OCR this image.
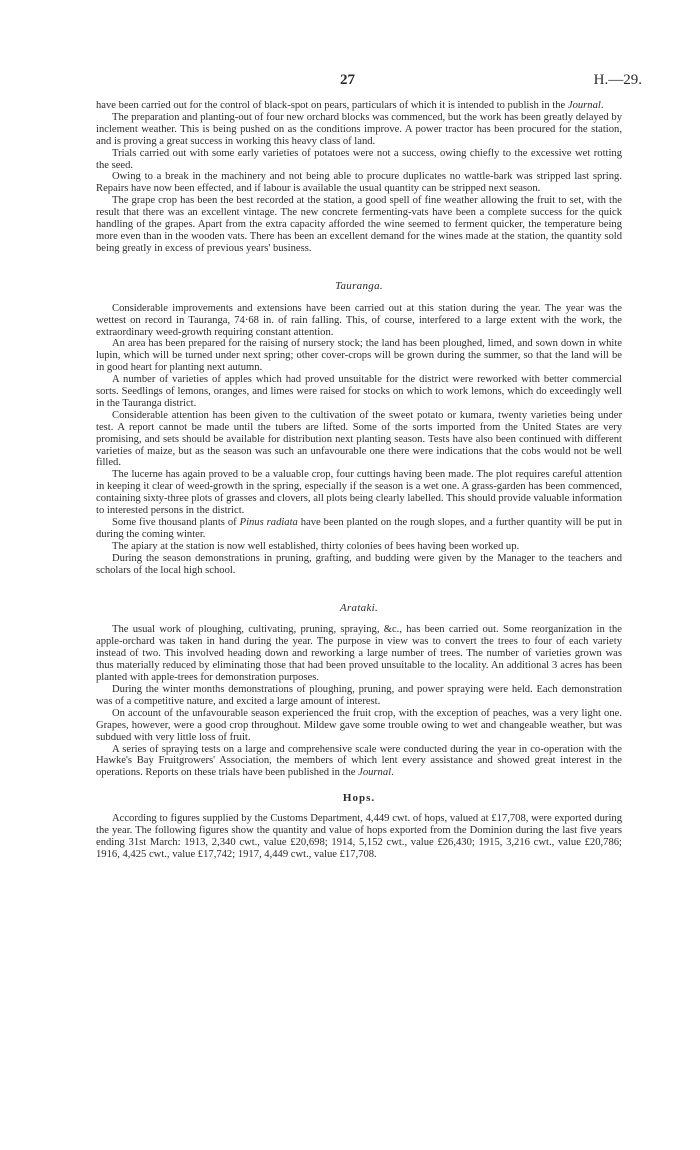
27	H.—29.

have been carried out for the control of black-spot on pears, particulars of which it is intended to publish in the Journal.

The preparation and planting-out of four new orchard blocks was commenced, but the work has been greatly delayed by inclement weather. This is being pushed on as the conditions improve. A power tractor has been procured for the station, and is proving a great success in working this heavy class of land.

Trials carried out with some early varieties of potatoes were not a success, owing chiefly to the excessive wet rotting the seed.

Owing to a break in the machinery and not being able to procure duplicates no wattle-bark was stripped last spring. Repairs have now been effected, and if labour is available the usual quantity can be stripped next season.

The grape crop has been the best recorded at the station, a good spell of fine weather allowing the fruit to set, with the result that there was an excellent vintage. The new concrete fermenting-vats have been a complete success for the quick handling of the grapes. Apart from the extra capacity afforded the wine seemed to ferment quicker, the temperature being more even than in the wooden vats. There has been an excellent demand for the wines made at the station, the quantity sold being greatly in excess of previous years' business.

Tauranga.

Considerable improvements and extensions have been carried out at this station during the year. The year was the wettest on record in Tauranga, 74·68 in. of rain falling. This, of course, interfered to a large extent with the work, the extraordinary weed-growth requiring constant attention.

An area has been prepared for the raising of nursery stock; the land has been ploughed, limed, and sown down in white lupin, which will be turned under next spring; other cover-crops will be grown during the summer, so that the land will be in good heart for planting next autumn.

A number of varieties of apples which had proved unsuitable for the district were reworked with better commercial sorts. Seedlings of lemons, oranges, and limes were raised for stocks on which to work lemons, which do exceedingly well in the Tauranga district.

Considerable attention has been given to the cultivation of the sweet potato or kumara, twenty varieties being under test. A report cannot be made until the tubers are lifted. Some of the sorts imported from the United States are very promising, and sets should be available for distribution next planting season. Tests have also been continued with different varieties of maize, but as the season was such an unfavourable one there were indications that the cobs would not be well filled.

The lucerne has again proved to be a valuable crop, four cuttings having been made. The plot requires careful attention in keeping it clear of weed-growth in the spring, especially if the season is a wet one. A grass-garden has been commenced, containing sixty-three plots of grasses and clovers, all plots being clearly labelled. This should provide valuable information to interested persons in the district.

Some five thousand plants of Pinus radiata have been planted on the rough slopes, and a further quantity will be put in during the coming winter.

The apiary at the station is now well established, thirty colonies of bees having been worked up.

During the season demonstrations in pruning, grafting, and budding were given by the Manager to the teachers and scholars of the local high school.

Arataki.

The usual work of ploughing, cultivating, pruning, spraying, &c., has been carried out. Some reorganization in the apple-orchard was taken in hand during the year. The purpose in view was to convert the trees to four of each variety instead of two. This involved heading down and reworking a large number of trees. The number of varieties grown was thus materially reduced by eliminating those that had been proved unsuitable to the locality. An additional 3 acres has been planted with apple-trees for demonstration purposes.

During the winter months demonstrations of ploughing, pruning, and power spraying were held. Each demonstration was of a competitive nature, and excited a large amount of interest.

On account of the unfavourable season experienced the fruit crop, with the exception of peaches, was a very light one. Grapes, however, were a good crop throughout. Mildew gave some trouble owing to wet and changeable weather, but was subdued with very little loss of fruit.

A series of spraying tests on a large and comprehensive scale were conducted during the year in co-operation with the Hawke's Bay Fruitgrowers' Association, the members of which lent every assistance and showed great interest in the operations. Reports on these trials have been published in the Journal.

Hops.

According to figures supplied by the Customs Department, 4,449 cwt. of hops, valued at £17,708, were exported during the year. The following figures show the quantity and value of hops exported from the Dominion during the last five years ending 31st March: 1913, 2,340 cwt., value £20,698; 1914, 5,152 cwt., value £26,430; 1915, 3,216 cwt., value £20,786; 1916, 4,425 cwt., value £17,742; 1917, 4,449 cwt., value £17,708.
